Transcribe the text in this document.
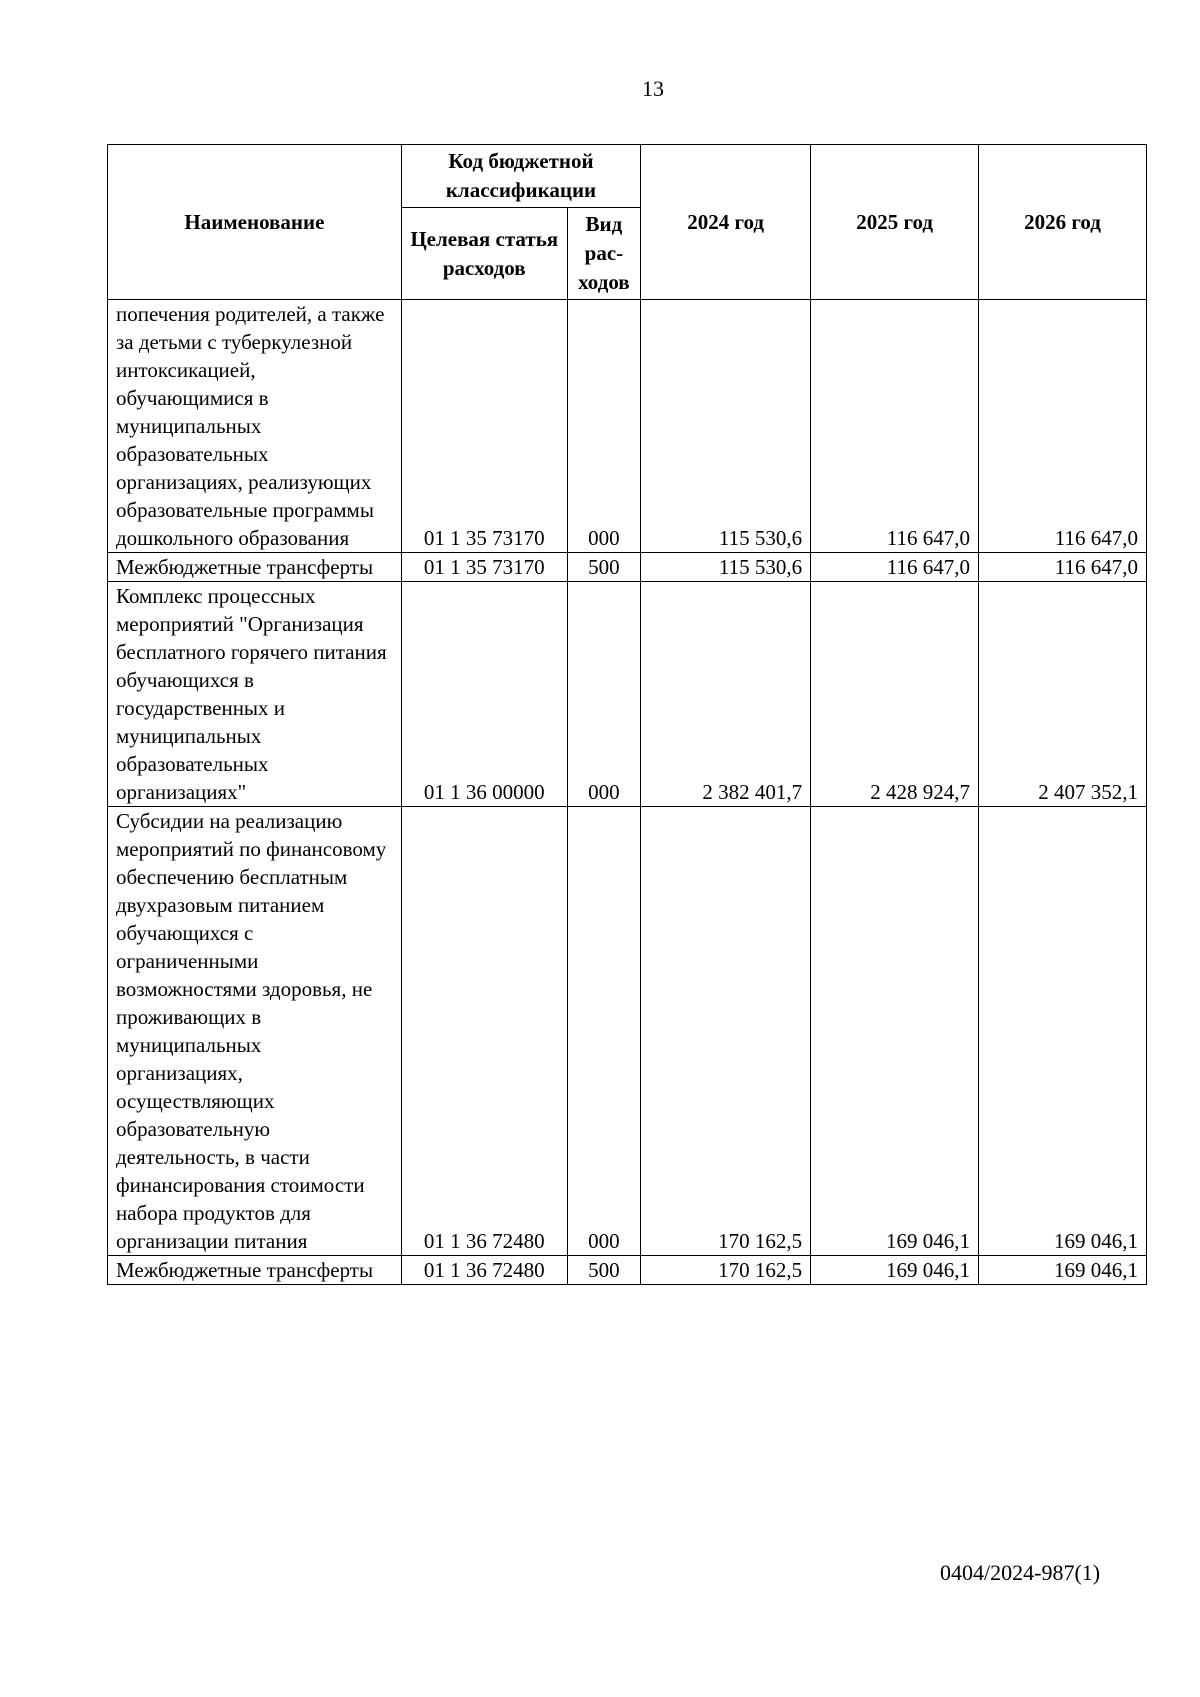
13
Наименование	Код бюджетной классификации		2024 год	2025 год	2026 год
	Целевая статья расходов	Вид рас-ходов			
попечения родителей, а также за детьми с туберкулезной интоксикацией, обучающимися в муниципальных образовательных организациях, реализующих образовательные программы дошкольного образования	01 1 35 73170	000	115 530,6	116 647,0	116 647,0
Межбюджетные трансферты	01 1 35 73170	500	115 530,6	116 647,0	116 647,0
Комплекс процессных мероприятий "Организация бесплатного горячего питания обучающихся в государственных и муниципальных образовательных организациях"	01 1 36 00000	000	2 382 401,7	2 428 924,7	2 407 352,1
Субсидии на реализацию мероприятий по финансовому обеспечению бесплатным двухразовым питанием обучающихся с ограниченными возможностями здоровья, не проживающих в муниципальных организациях, осуществляющих образовательную деятельность, в части финансирования стоимости набора продуктов для организации питания	01 1 36 72480	000	170 162,5	169 046,1	169 046,1
Межбюджетные трансферты	01 1 36 72480	500	170 162,5	169 046,1	169 046,1
0404/2024-987(1)
